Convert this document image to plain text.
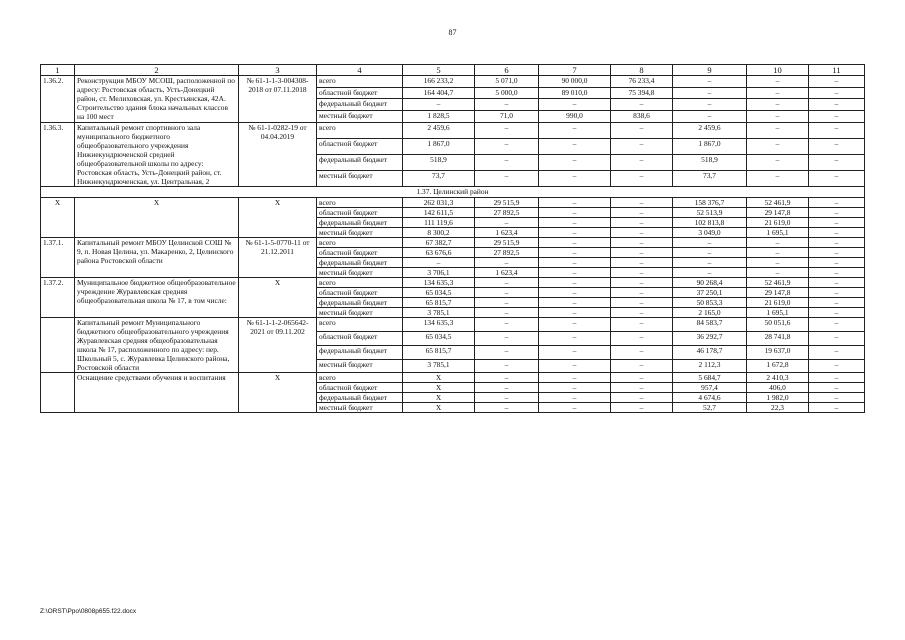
87
1	2	3	4	5	6	7	8	9	10	11
1.36.2.	Реконструкция МБОУ МСОШ, расположенной по адресу: Ростовская область, Усть-Донецкий район, ст. Мелиховская, ул. Крестьянская, 42А. Строительство здания блока начальных классов на 100 мест	№ 61-1-1-3-004308-2018 от 07.11.2018	всего	166 233,2	5 071,0	90 000,0	76 233,4	–	–	–
			областной бюджет	164 404,7	5 000,0	89 010,0	75 394,8	–	–	–
			федеральный бюджет	–	–	–	–	–	–	–
			местный бюджет	1 828,5	71,0	990,0	838,6	–	–	–
1.36.3.	Капитальный ремонт спортивного зала муниципального бюджетного общеобразовательного учреждения Нижнекундрюченской средней общеобразовательной школы по адресу: Ростовская область, Усть-Донецкий район, ст. Нижнекундрюченская, ул. Центральная, 2	№ 61-1-0282-19 от 04.04.2019	всего	2 459,6	–	–	–	2 459,6	–	–
			областной бюджет	1 867,0	–	–	–	1 867,0	–	–
			федеральный бюджет	518,9	–	–	–	518,9	–	–
			местный бюджет	73,7	–	–	–	73,7	–	–
1.37. Целинский район										
X	X	X	всего	262 031,3	29 515,9	–	–	158 376,7	52 461,9	–
			областной бюджет	142 611,5	27 892,5	–	–	52 513,9	29 147,8	–
			федеральный бюджет	111 119,6	–	–	–	102 813,8	21 619,0	–
			местный бюджет	8 300,2	1 623,4	–	–	3 049,0	1 695,1	–
1.37.1.	Капитальный ремонт МБОУ Целинской СОШ № 9, п. Новая Целина, ул. Макаренко, 2, Целинского района Ростовской области	№ 61-1-5-0770-11 от 21.12.2011	всего	67 382,7	29 515,9	–	–	–	–	–
			областной бюджет	63 676,6	27 892,5	–	–	–	–	–
			федеральный бюджет	–	–	–	–	–	–	–
			местный бюджет	3 706,1	1 623,4	–	–	–	–	–
1.37.2.	Муниципальное бюджетное общеобразовательное учреждение Журавлевская средняя общеобразовательная школа № 17, в том числе:	X	всего	134 635,3	–	–	–	90 268,4	52 461,9	–
			областной бюджет	65 034,5	–	–	–	37 250,1	29 147,8	–
			федеральный бюджет	65 815,7	–	–	–	50 853,3	21 619,0	–
			местный бюджет	3 785,1	–	–	–	2 165,0	1 695,1	–
	Капитальный ремонт Муниципального бюджетного общеобразовательного учреждения Журавлевская средняя общеобразовательная школа № 17, расположенного по адресу: пер. Школьный 5, с. Журавлевка Целинского района, Ростовской области	№ 61-1-1-2-065642-2021 от 09.11.202	всего	134 635,3	–	–	–	84 583,7	50 051,6	–
			областной бюджет	65 034,5	–	–	–	36 292,7	28 741,8	–
			федеральный бюджет	65 815,7	–	–	–	46 178,7	19 637,0	–
			местный бюджет	3 785,1	–	–	–	2 112,3	1 672,8	–
	Оснащение средствами обучения и воспитания	X	всего	X	–	–	–	5 684,7	2 410,3	–
			областной бюджет	X	–	–	–	957,4	406,0	–
			федеральный бюджет	X	–	–	–	4 674,6	1 982,0	–
			местный бюджет	X	–	–	–	52,7	22,3	–
Z:\ORST\Ppo\0808p655.f22.docx
